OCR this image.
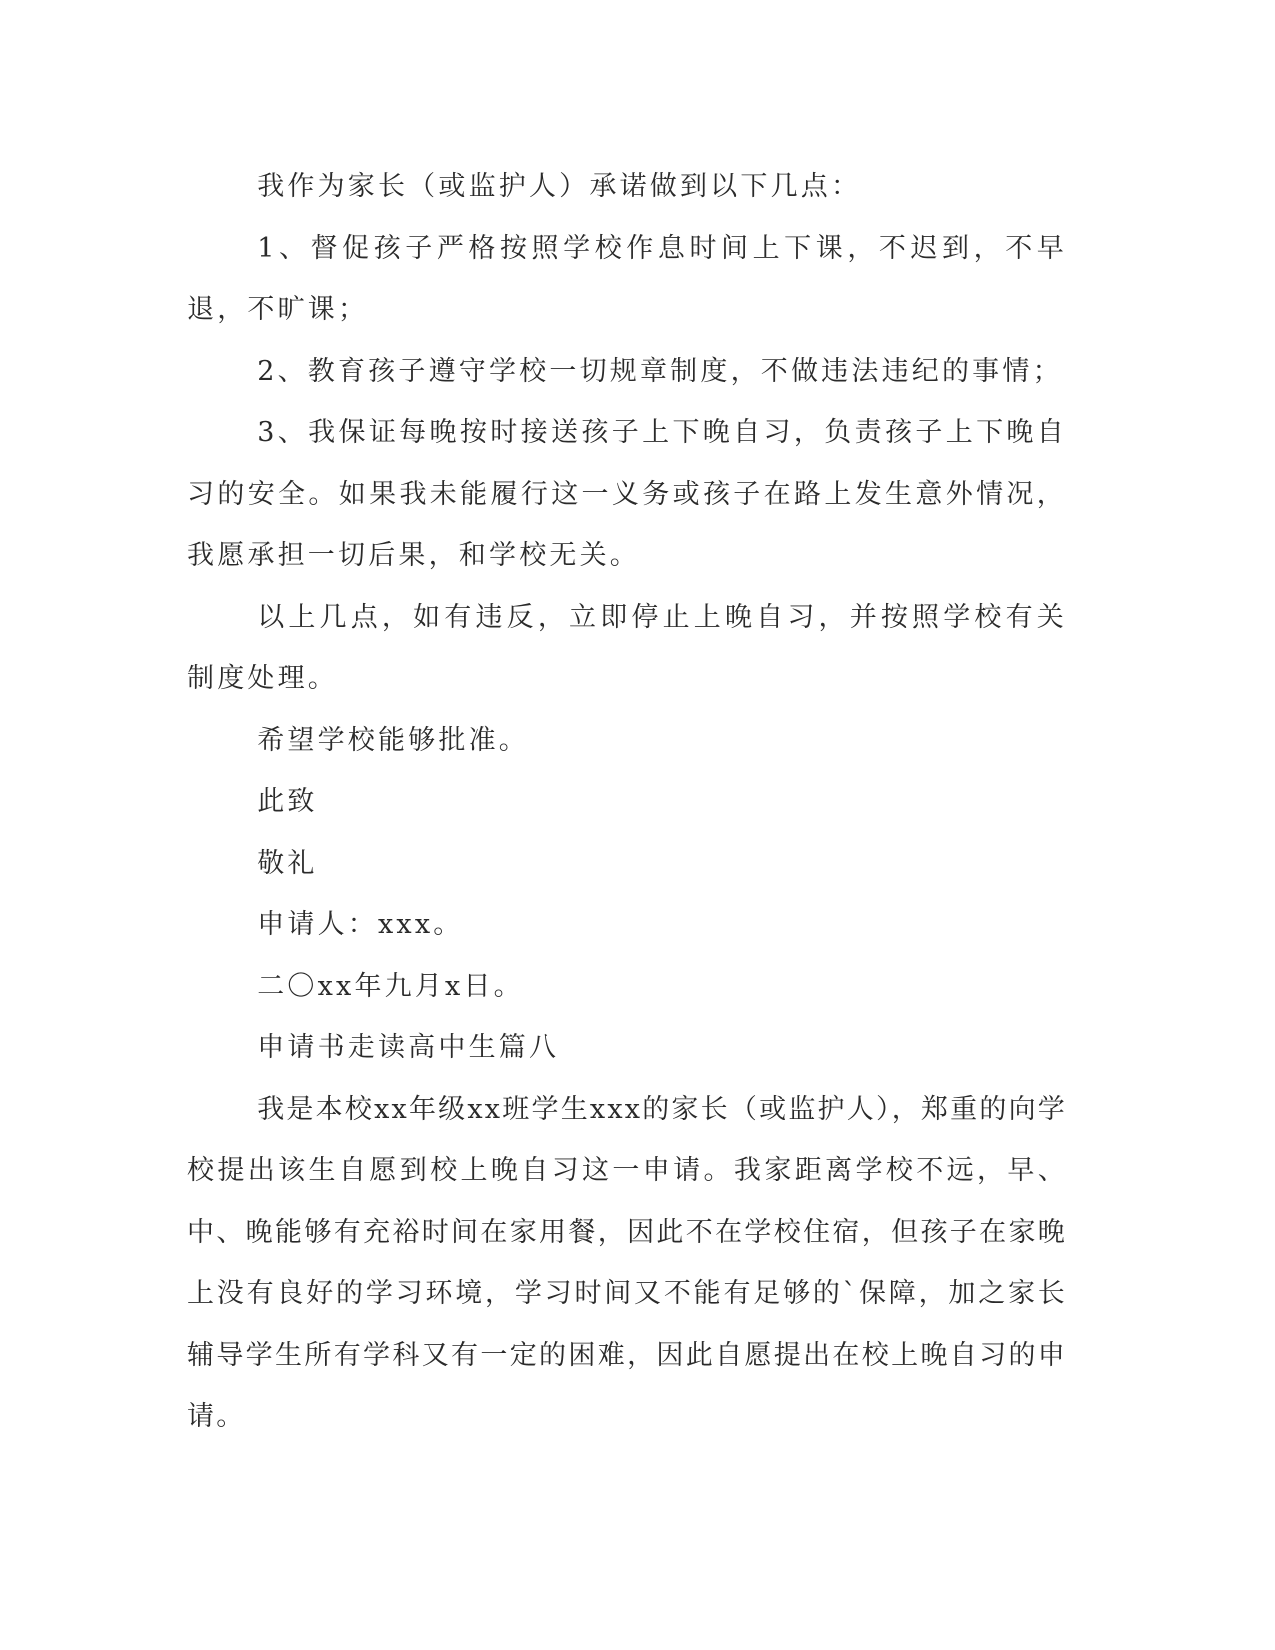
我作为家长（或监护人）承诺做到以下几点：

1、督促孩子严格按照学校作息时间上下课，不迟到，不早退，不旷课；

2、教育孩子遵守学校一切规章制度，不做违法违纪的事情；

3、我保证每晚按时接送孩子上下晚自习，负责孩子上下晚自习的安全。如果我未能履行这一义务或孩子在路上发生意外情况，我愿承担一切后果，和学校无关。

以上几点，如有违反，立即停止上晚自习，并按照学校有关制度处理。

希望学校能够批准。

此致

敬礼

申请人：xxx。

二〇xx年九月x日。

申请书走读高中生篇八

我是本校xx年级xx班学生xxx的家长（或监护人），郑重的向学校提出该生自愿到校上晚自习这一申请。我家距离学校不远，早、中、晚能够有充裕时间在家用餐，因此不在学校住宿，但孩子在家晚上没有良好的学习环境，学习时间又不能有足够的`保障，加之家长辅导学生所有学科又有一定的困难，因此自愿提出在校上晚自习的申请。
